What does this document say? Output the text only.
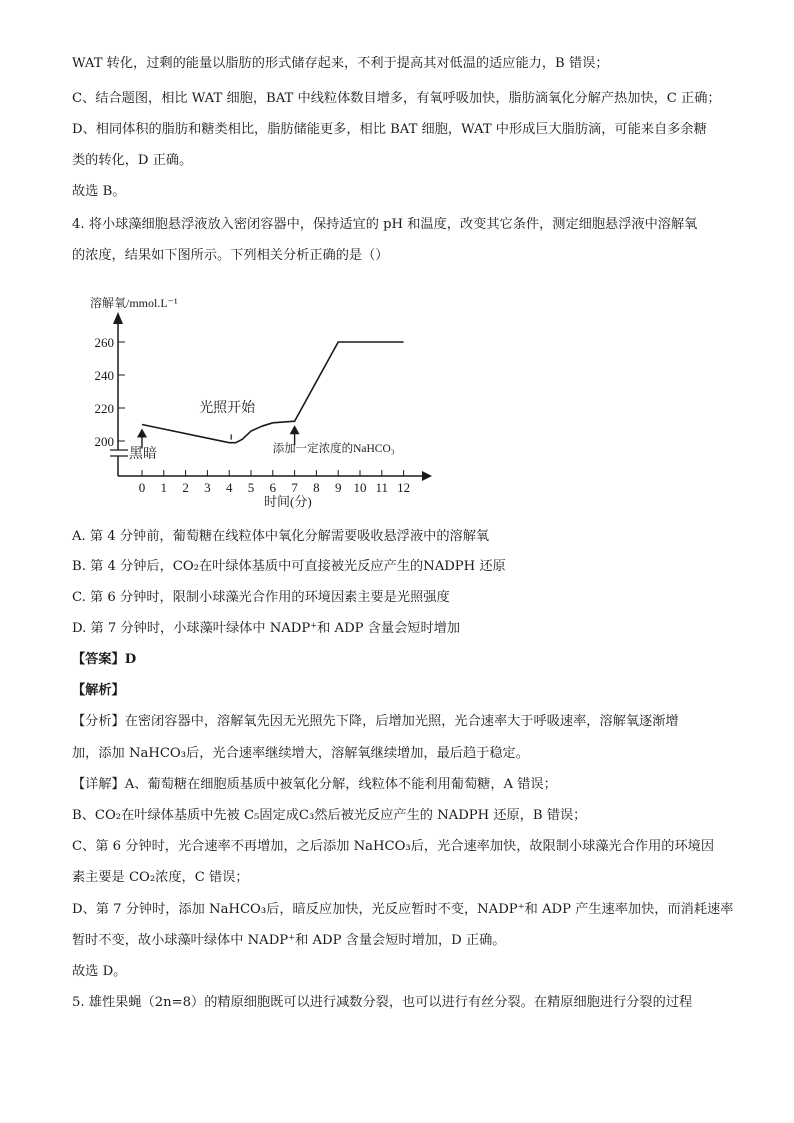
WAT 转化，过剩的能量以脂肪的形式储存起来，不利于提高其对低温的适应能力，B 错误；
C、结合题图，相比 WAT 细胞，BAT 中线粒体数目增多，有氧呼吸加快，脂肪滴氧化分解产热加快，C 正确；
D、相同体积的脂肪和糖类相比，脂肪储能更多，相比 BAT 细胞，WAT 中形成巨大脂肪滴，可能来自多余糖
类的转化，D 正确。
故选 B。
4. 将小球藻细胞悬浮液放入密闭容器中，保持适宜的 pH 和温度，改变其它条件，测定细胞悬浮液中溶解氧
的浓度，结果如下图所示。下列相关分析正确的是（）
A. 第 4 分钟前，葡萄糖在线粒体中氧化分解需要吸收悬浮液中的溶解氧
B. 第 4 分钟后，CO₂在叶绿体基质中可直接被光反应产生的NADPH 还原
C. 第 6 分钟时，限制小球藻光合作用的环境因素主要是光照强度
D. 第 7 分钟时，小球藻叶绿体中 NADP⁺和 ADP 含量会短时增加
【答案】D
【解析】
【分析】在密闭容器中，溶解氧先因无光照先下降，后增加光照，光合速率大于呼吸速率，溶解氧逐渐增
加，添加 NaHCO₃后，光合速率继续增大，溶解氧继续增加，最后趋于稳定。
【详解】A、葡萄糖在细胞质基质中被氧化分解，线粒体不能利用葡萄糖，A 错误；
B、CO₂在叶绿体基质中先被 C₅固定成C₃然后被光反应产生的 NADPH 还原，B 错误；
C、第 6 分钟时，光合速率不再增加，之后添加 NaHCO₃后，光合速率加快，故限制小球藻光合作用的环境因
素主要是 CO₂浓度，C 错误；
D、第 7 分钟时，添加 NaHCO₃后，暗反应加快，光反应暂时不变，NADP⁺和 ADP 产生速率加快，而消耗速率
暂时不变，故小球藻叶绿体中 NADP⁺和 ADP 含量会短时增加，D 正确。
故选 D。
5. 雄性果蝇（2n=8）的精原细胞既可以进行减数分裂，也可以进行有丝分裂。在精原细胞进行分裂的过程
溶解氧/mmol.L⁻¹
时间(分)
0 1 2 3 4 5 6 7 8 9 10 11 12
200
220
240
260
黑暗
光照开始
添加一定浓度的NaHCO₃
